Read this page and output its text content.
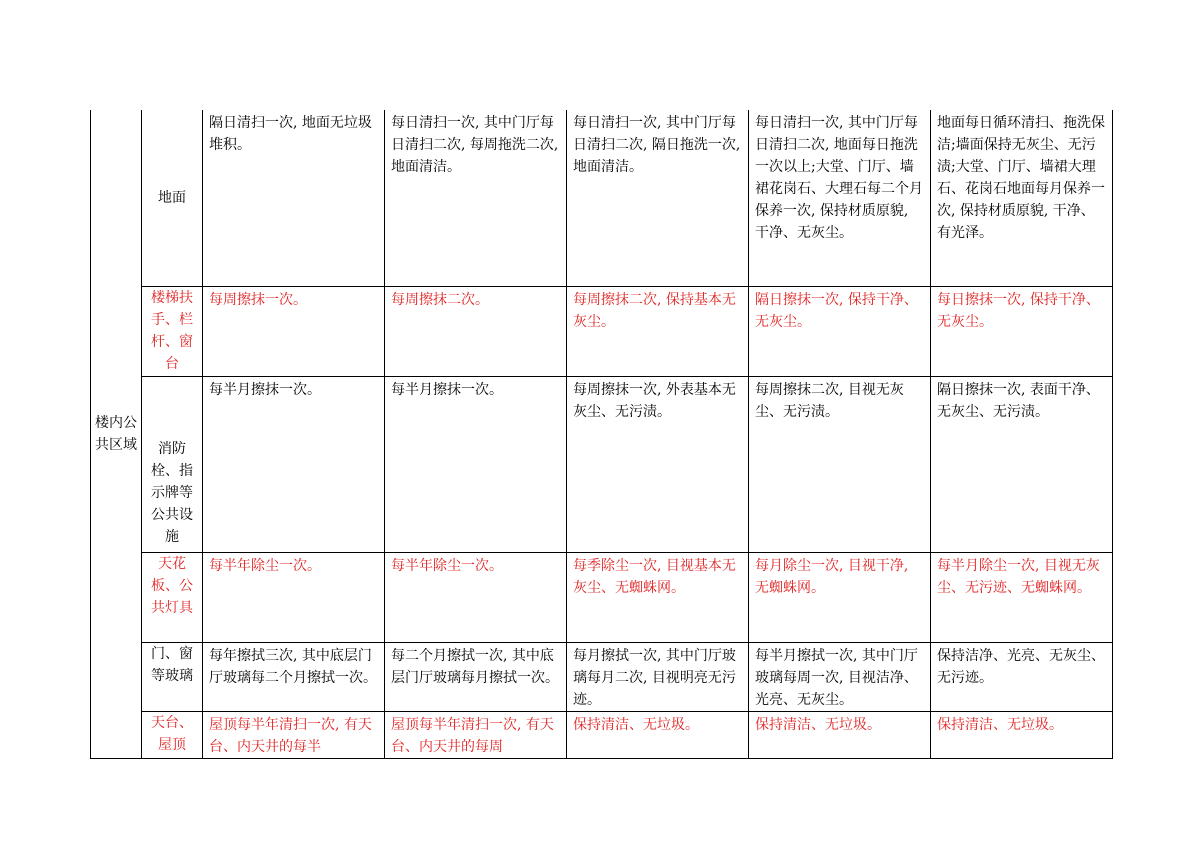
楼内公共区域	地面	隔日清扫一次, 地面无垃圾堆积。	每日清扫一次, 其中门厅每日清扫二次, 每周拖洗二次, 地面清洁。	每日清扫一次, 其中门厅每日清扫二次, 隔日拖洗一次, 地面清洁。	每日清扫一次, 其中门厅每日清扫二次, 地面每日拖洗一次以上;大堂、门厅、墙裙花岗石、大理石每二个月保养一次, 保持材质原貌, 干净、无灰尘。	地面每日循环清扫、拖洗保洁;墙面保持无灰尘、无污渍;大堂、门厅、墙裙大理石、花岗石地面每月保养一次, 保持材质原貌, 干净、有光泽。
	楼梯扶手、栏杆、窗台	每周擦抹一次。	每周擦抹二次。	每周擦抹二次, 保持基本无灰尘。	隔日擦抹一次, 保持干净、无灰尘。	每日擦抹一次, 保持干净、无灰尘。
	消防栓、指示牌等公共设施	每半月擦抹一次。	每半月擦抹一次。	每周擦抹一次, 外表基本无灰尘、无污渍。	每周擦抹二次, 目视无灰尘、无污渍。	隔日擦抹一次, 表面干净、无灰尘、无污渍。
	天花板、公共灯具	每半年除尘一次。	每半年除尘一次。	每季除尘一次, 目视基本无灰尘、无蜘蛛网。	每月除尘一次, 目视干净, 无蜘蛛网。	每半月除尘一次, 目视无灰尘、无污迹、无蜘蛛网。
	门、窗等玻璃	每年擦拭三次, 其中底层门厅玻璃每二个月擦拭一次。	每二个月擦拭一次, 其中底层门厅玻璃每月擦拭一次。	每月擦拭一次, 其中门厅玻璃每月二次, 目视明亮无污迹。	每半月擦拭一次, 其中门厅玻璃每周一次, 目视洁净、光亮、无灰尘。	保持洁净、光亮、无灰尘、无污迹。
	天台、屋顶	屋顶每半年清扫一次, 有天台、内天井的每半	屋顶每半年清扫一次, 有天台、内天井的每周	保持清洁、无垃圾。	保持清洁、无垃圾。	保持清洁、无垃圾。
